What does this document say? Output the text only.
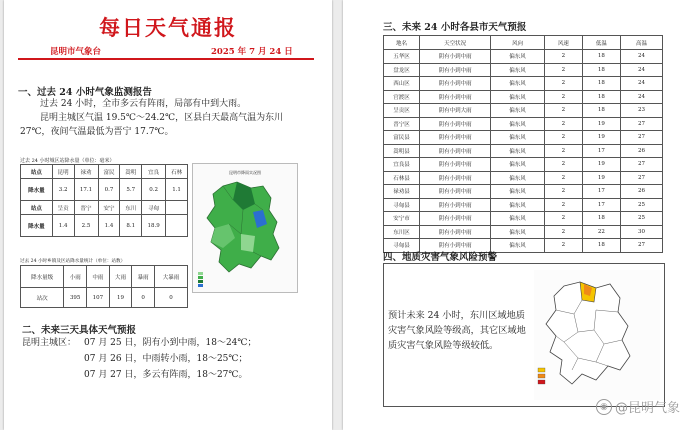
每日天气通报
昆明市气象台	2025 年 7 月 24 日
一、过去 24 小时气象监测报告
过去 24 小时，全市多云有阵雨，局部有中到大雨。
昆明主城区气温 19.5℃～24.2℃，区县白天最高气温为东川 27℃，夜间气温最低为晋宁 17.7℃。
过去 24 小时城区站降水量（单位：毫米）
站点	昆明	禄劝	富民	嵩明	宜良	石林
降水量	3.2	17.1	0.7	5.7	0.2	1.1
站点	呈贡	晋宁	安宁	东川	寻甸	
降水量	1.4	2.5	1.4	8.1	18.9	
过去 24 小时乡镇及区站降水量统计（单位：站数）
降水量级	小雨	中雨	大雨	暴雨	大暴雨
站次	395	107	19	0	0
昆明市降雨实况图
二、未来三天具体天气预报
昆明主城区： 07 月 25 日，阴有小到中雨，18～24℃；
07 月 26 日，中雨转小雨，18～25℃；
07 月 27 日，多云有阵雨，18～27℃。
三、未来 24 小时各县市天气预报
地名	天空状况	风向	风速	低温	高温
五华区	阴有小到中雨	偏东风	2	18	24
盘龙区	阴有小到中雨	偏东风	2	18	24
西山区	阴有小到中雨	偏东风	2	18	24
官渡区	阴有小到中雨	偏东风	2	18	24
呈贡区	阴有中到大雨	偏东风	2	18	23
晋宁区	阴有小到中雨	偏东风	2	19	27
富民县	阴有小到中雨	偏东风	2	19	27
嵩明县	阴有小到中雨	偏东风	2	17	26
宜良县	阴有小到中雨	偏东风	2	19	27
石林县	阴有小到中雨	偏东风	2	19	27
禄劝县	阴有小到中雨	偏东风	2	17	26
寻甸县	阴有小到中雨	偏东风	2	17	25
安宁市	阴有小到中雨	偏东风	2	18	25
东川区	阴有小到中雨	偏东风	2	22	30
寻甸县	阴有小到中雨	偏东风	2	18	27
四、地质灾害气象风险预警
预计未来 24 小时，东川区域地质灾害气象风险等级高，其它区域地质灾害气象风险等级较低。
◉ @昆明气象
